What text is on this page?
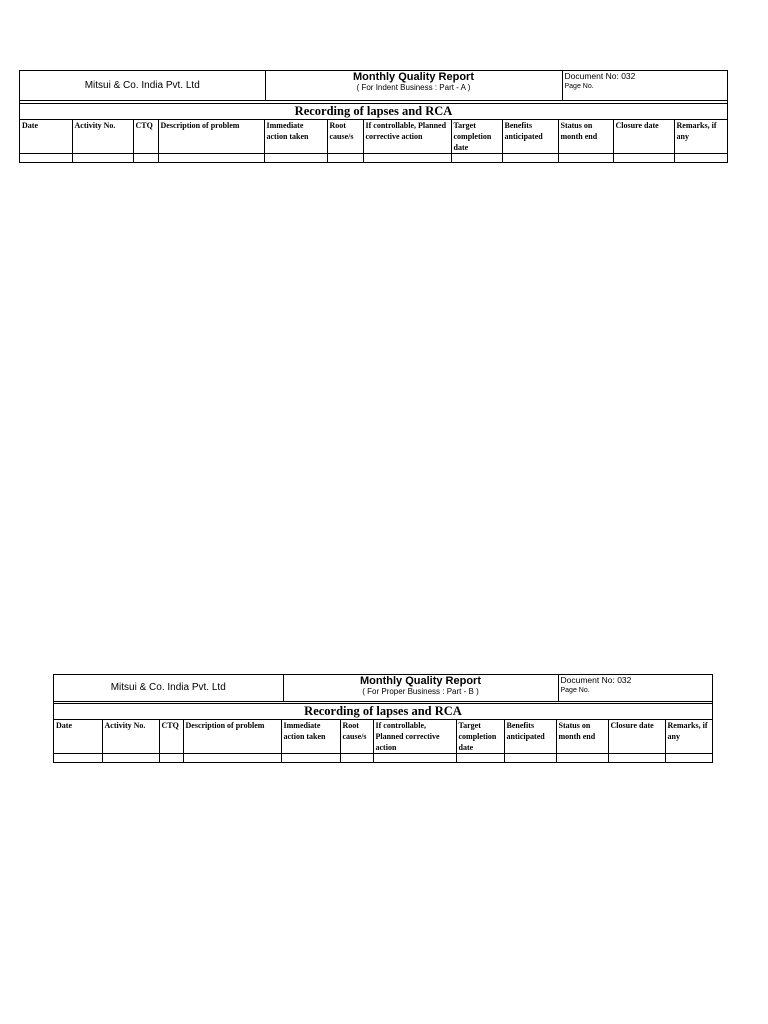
Mitsui & Co. India Pvt. Ltd	
Monthly Quality Report
( For Indent Business : Part - A )

Document No: 032
Page No.
Recording of lapses and RCA
Date	Activity No.	CTQ	Description of problem	Immediate action taken	Root cause/s	If controllable, Planned corrective action	Target completion date	Benefits anticipated	Status on month end	Closure date	Remarks, if any

Mitsui & Co. India Pvt. Ltd	
Monthly Quality Report
( For Proper Business : Part - B )

Document No: 032
Page No.
Recording of lapses and RCA
Date	Activity No.	CTQ	Description of problem	Immediate action taken	Root cause/s	If controllable, Planned corrective action	Target completion date	Benefits anticipated	Status on month end	Closure date	Remarks, if any
